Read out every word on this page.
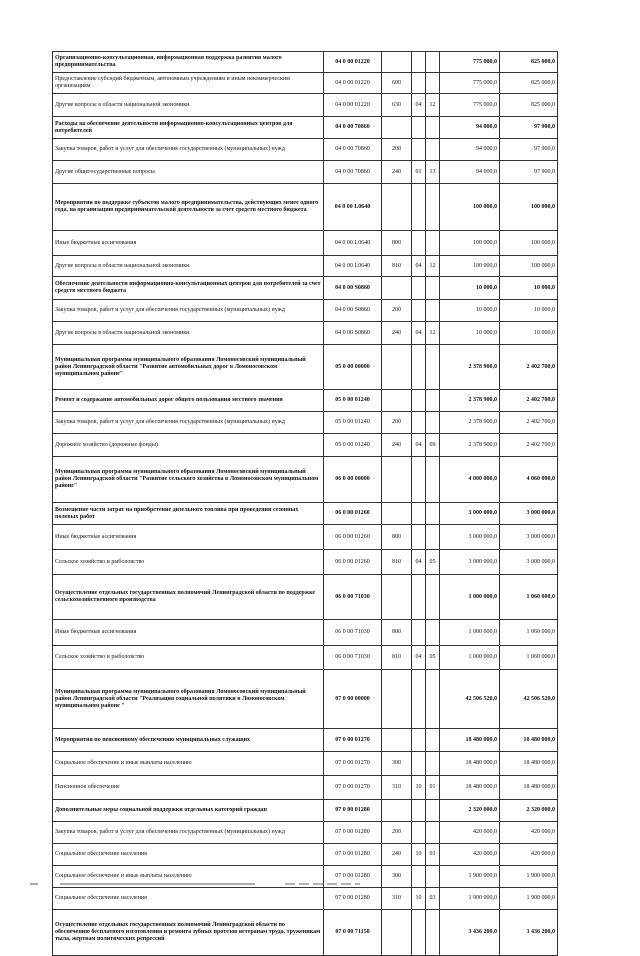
Организационно-консультационная, информационная поддержка развития малого предпринимательства	04 0 00 01220				775 000,0	825 000,0
Предоставление субсидий бюджетным, автономным учреждениям и иным некоммерческим организациям	04 0 00 01220	600			775 000,0	825 000,0
Другие вопросы в области национальной экономики	04 0 00 01220	630	04	12	775 000,0	825 000,0
Расходы на обеспечение деятельности информационно-консультационных центров для потребителей	04 0 00 70860				94 000,0	97 900,0
Закупка товаров, работ и услуг для обеспечения государственных (муниципальных) нужд	04 0 00 70860	200			94 000,0	97 900,0
Другие общегосударственные вопросы	04 0 00 70860	240	01	13	94 000,0	97 900,0
Мероприятия по поддержке субъектов малого предпринимательства, действующих менее одного года, на организацию предпринимательской деятельности за счет средств местного бюджета	04 0 00 L0640				100 000,0	100 000,0
Иные бюджетные ассигнования	04 0 00 L0640	800			100 000,0	100 000,0
Другие вопросы в области национальной экономики	04 0 00 L0640	810	04	12	100 000,0	100 000,0
Обеспечение деятельности информационно-консультационных центров для потребителей за счет средств местного бюджета	04 0 00 S0860				10 000,0	10 000,0
Закупка товаров, работ и услуг для обеспечения государственных (муниципальных) нужд	04 0 00 S0860	200			10 000,0	10 000,0
Другие вопросы в области национальной экономики	04 0 00 S0860	240	04	12	10 000,0	10 000,0
Муниципальная программа муниципального образования Ломоносовский муниципальный район Ленинградской области "Развитие автомобильных дорог в Ломоносовском муниципальном районе"	05 0 00 00000				2 378 900,0	2 402 700,0
Ремонт и содержание автомобильных дорог общего пользования местного значения	05 0 00 01240				2 378 900,0	2 402 700,0
Закупка товаров, работ и услуг для обеспечения государственных (муниципальных) нужд	05 0 00 01240	200			2 378 900,0	2 402 700,0
Дорожное хозяйство (дорожные фонды)	05 0 00 01240	240	04	09	2 378 900,0	2 402 700,0
Муниципальная программа муниципального образования Ломоносовский муниципальный район Ленинградской области "Развитие сельского хозяйства в Ломоносовском муниципальном районе"	06 0 00 00000				4 000 000,0	4 060 000,0
Возмещение части затрат на приобретение дизельного топлива при проведении сезонных полевых работ	06 0 00 01260				3 000 000,0	3 000 000,0
Иные бюджетные ассигнования	06 0 00 01260	800			3 000 000,0	3 000 000,0
Сельское хозяйство и рыболовство	06 0 00 01260	810	04	05	3 000 000,0	3 000 000,0
Осуществление отдельных государственных полномочий Ленинградской области по поддержке сельскохозяйственного производства	06 0 00 71030				1 000 000,0	1 060 000,0
Иные бюджетные ассигнования	06 0 00 71030	800			1 000 000,0	1 060 000,0
Сельское хозяйство и рыболовство	06 0 00 71030	810	04	05	1 000 000,0	1 060 000,0
Муниципальная программа муниципального образования Ломоносовский муниципальный район Ленинградской области "Реализация социальной политики в Ломоносовском муниципальном районе "	07 0 00 00000				42 506 520,0	42 506 520,0
Мероприятия по пенсионному обеспечению муниципальных служащих	07 0 00 01270				18 480 000,0	18 480 000,0
Социальное обеспечение и иные выплаты населению	07 0 00 01270	300			18 480 000,0	18 480 000,0
Пенсионное обеспечение	07 0 00 01270	310	10	01	18 480 000,0	18 480 000,0
Дополнительные меры социальной поддержки отдельных категорий граждан	07 0 00 01280				2 320 000,0	2 320 000,0
Закупка товаров, работ и услуг для обеспечения государственных (муниципальных) нужд	07 0 00 01280	200			420 000,0	420 000,0
Социальное обеспечение населения	07 0 00 01280	240	10	03	420 000,0	420 000,0
Социальное обеспечение и иные выплаты населению	07 0 00 01280	300			1 900 000,0	1 900 000,0
Социальное обеспечение населения	07 0 00 01280	310	10	03	1 900 000,0	1 900 000,0
Осуществление отдельных государственных полномочий Ленинградской области по обеспечению бесплатного изготовления и ремонта зубных протезов ветеранам труда, труженикам тыла, жертвам политических репрессий	07 0 00 71150				3 436 200,0	3 436 200,0
